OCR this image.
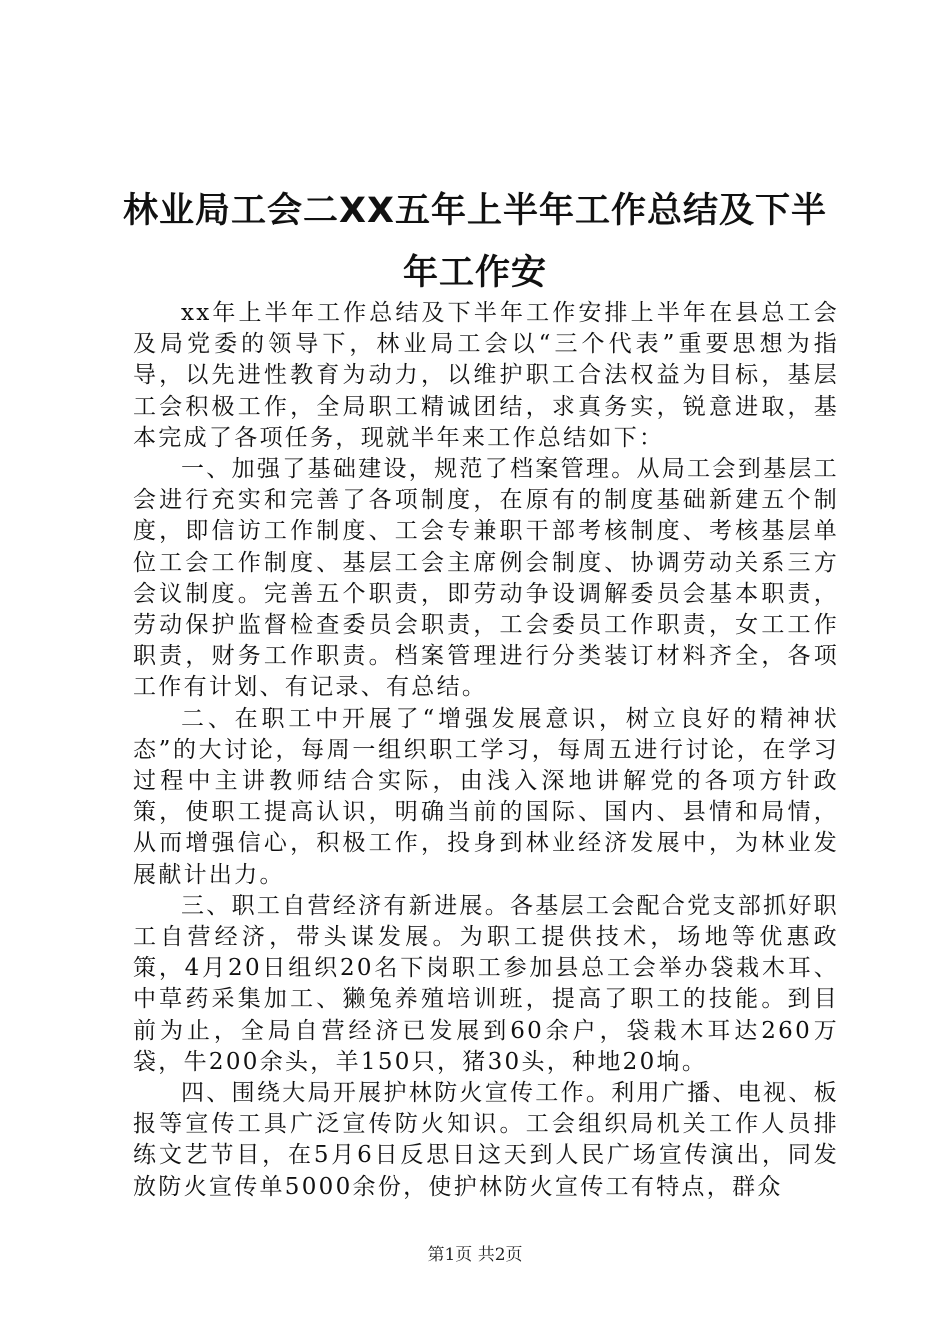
林业局工会二XX五年上半年工作总结及下半
年工作安

xx年上半年工作总结及下半年工作安排上半年在县总工会及局党委的领导下，林业局工会以“三个代表”重要思想为指导，以先进性教育为动力，以维护职工合法权益为目标，基层工会积极工作，全局职工精诚团结，求真务实，锐意进取，基本完成了各项任务，现就半年来工作总结如下：

一、加强了基础建设，规范了档案管理。从局工会到基层工会进行充实和完善了各项制度，在原有的制度基础新建五个制度，即信访工作制度、工会专兼职干部考核制度、考核基层单位工会工作制度、基层工会主席例会制度、协调劳动关系三方会议制度。完善五个职责，即劳动争设调解委员会基本职责，劳动保护监督检查委员会职责，工会委员工作职责，女工工作职责，财务工作职责。档案管理进行分类装订材料齐全，各项工作有计划、有记录、有总结。

二、在职工中开展了“增强发展意识，树立良好的精神状态”的大讨论，每周一组织职工学习，每周五进行讨论，在学习过程中主讲教师结合实际，由浅入深地讲解党的各项方针政策，使职工提高认识，明确当前的国际、国内、县情和局情，从而增强信心，积极工作，投身到林业经济发展中，为林业发展献计出力。

三、职工自营经济有新进展。各基层工会配合党支部抓好职工自营经济，带头谋发展。为职工提供技术，场地等优惠政策，4月20日组织20名下岗职工参加县总工会举办袋栽木耳、中草药采集加工、獭兔养殖培训班，提高了职工的技能。到目前为止，全局自营经济已发展到60余户，袋栽木耳达260万袋，牛200余头，羊150只，猪30头，种地20垧。

四、围绕大局开展护林防火宣传工作。利用广播、电视、板报等宣传工具广泛宣传防火知识。工会组织局机关工作人员排练文艺节目，在5月6日反思日这天到人民广场宣传演出，同发放防火宣传单5000余份，使护林防火宣传工有特点，群众

第1页 共2页
